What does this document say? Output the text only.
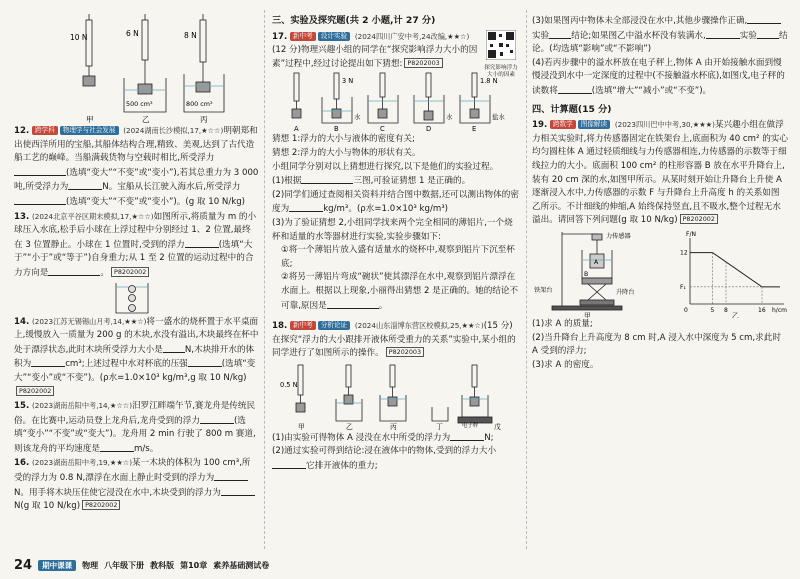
10 N	6 N	8 N
500 cm³	800 cm³
甲	乙	丙

12. 跨学科 物理学与社会发展 (2024湖南长沙模拟,17,★☆☆)明朝郑和出使西洋所用的宝船,其船体结构合理,精致、美观,达到了古代造船工艺的巅峰。当船满载货物与空载时相比,所受浮力(选填“变大”“不变”或“变小”),若其总重力为 3 000 吨,所受浮力为	N。宝船从长江驶入海水后,所受浮力(选填“变大”“不变”或“变小”)。(g 取 10 N/kg)

13. (2024北京平谷区期末模拟,17,★☆☆)如图所示,将质量为 m 的小球压入水底,松手后小球在上浮过程中分别经过 1、2 位置,最终在 3 位置静止。小球在 1 位置时,受到的浮力	(选填“大于”“小于”或“等于”)自身重力;从 1 至 2 位置的运动过程中的合力方向是	。 P8202002

14. (2023江苏无锡锡山月考,14,★★☆)将一盛水的烧杯置于水平桌面上,缓慢放入一质量为 200 g 的木块,水没有溢出,木块最终在杯中处于漂浮状态,此时木块所受浮力大小是	N,木块排开水的体积为	cm³;上述过程中水对杯底的压强	(选填“变大”“变小”或“不变”)。(ρ水=1.0×10³ kg/m³,g 取 10 N/kg)P8202002

15. (2023湖南岳阳中考,14,★☆☆)汨罗江畔端午节,赛龙舟是传统民俗。在比赛中,运动员登上龙舟后,龙舟受到的浮力	(选填“变小”“不变”或“变大”)。龙舟用 2 min 行驶了 800 m 赛道,则该龙舟的平均速度是	m/s。

16. (2023湖南岳阳中考,19,★★☆)某一木块的体积为 100 cm³,所受的浮力为 0.8 N,漂浮在水面上静止时受到的浮力为N。用手将木块压住使它浸没在水中,木块受到的浮力为N(g 取 10 N/kg) P8202002

三、实验及探究题(共 2 小题,计 27 分)

探究影响浮力大小的因素

17. 新中考 设计实验 (2024四川广安中考,24改编,★★☆)(12 分)物理兴趣小组的同学在“探究影响浮力大小的因素”过程中,经过讨论提出如下猜想: P8202003

3 N	1.8 N
水	水	盐水
A	B	C	D	E

猜想 1:浮力的大小与液体的密度有关;

猜想 2:浮力的大小与物体的形状有关。

小组同学分别对以上猜想进行探究,以下是他们的实验过程。

(1)根据	三图,可验证猜想 1 是正确的。

(2)同学们通过查阅相关资料并结合图中数据,还可以测出物体的密度为	kg/m³。(ρ水=1.0×10³ kg/m³)

(3)为了验证猜想 2,小组同学找来两个完全相同的薄铝片,一个烧杯和适量的水等器材进行实验,实验步骤如下:

①将一个薄铝片放入盛有适量水的烧杯中,观察到铝片下沉至杯底;

②将另一薄铝片弯成“碗状”使其漂浮在水中,观察到铝片漂浮在水面上。根据以上现象,小丽得出猜想 2 是正确的。她的结论不可靠,原因是	。

18. 新中考 分析论证 (2024山东淄博东营区校模拟,25,★★☆)(15 分) 在探究“浮力的大小跟排开液体所受重力的关系”实验中,某小组的同学进行了如图所示的操作。 P8202003

0.5 N
甲	乙	丙	丁	戊
电子秤

(1)由实验可得物体 A 浸没在水中所受的浮力为	N;

(2)通过实验可得到结论:浸在液体中的物体,受到的浮力大小它排开液体的重力;

(3)如果图丙中物体未全部浸没在水中,其他步骤操作正确,实验	结论;如果图乙中溢水杯没有装满水,	实验	结论。(均选填“影响”或“不影响”)

(4)若丙步骤中的溢水杯放在电子秤上,物体 A 由开始接触水面到慢慢浸没到水中一定深度的过程中(不接触溢水杯底),如图戊,电子秤的读数将	(选填“增大”“减小”或“不变”)。

四、计算题(15 分)

19. 跨数学 图像解读 (2023四川巴中中考,30,★★★)某兴趣小组在做浮力相关实验时,将力传感器固定在铁架台上,底面积为 40 cm² 的实心均匀圆柱体 A 通过轻质细线与力传感器相连,力传感器的示数等于细线拉力的大小。底面积 100 cm² 的柱形容器 B 放在水平升降台上,装有 20 cm 深的水,如图甲所示。从某时刻开始让升降台上升使 A 逐渐浸入水中,力传感器的示数 F 与升降台上升高度 h 的关系如图乙所示。不计细线的伸缩,A 始终保持竖直,且不吸水,整个过程无水溢出。请回答下列问题(g 取 10 N/kg) P8202002

力传感器
铁架台	升降台
A
B
甲
h/cm
F/N
12
F₁
0	5 8	16
乙

(1)求 A 的质量;

(2)当升降台上升高度为 8 cm 时,A 浸入水中深度为 5 cm,求此时 A 受到的浮力;

(3)求 A 的密度。

24	期中课课	物理 八年级下册 教科版 第10章 素养基础测试卷
